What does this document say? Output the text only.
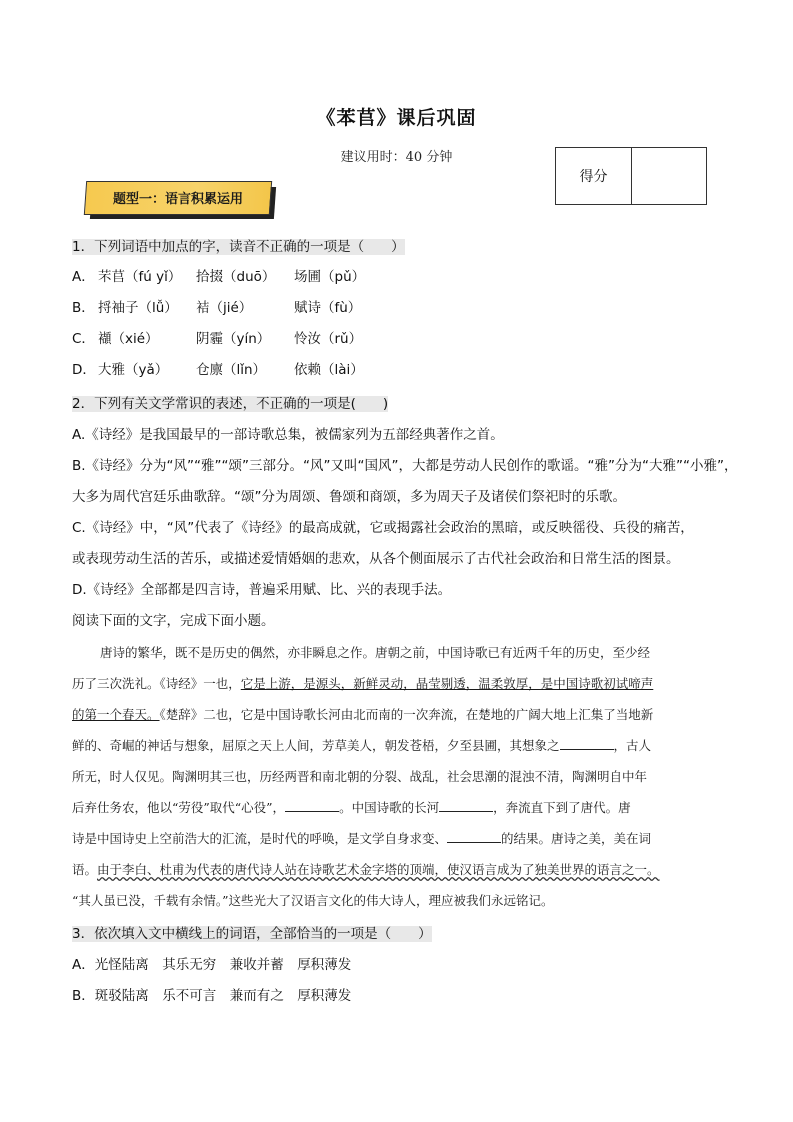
《苯苢》课后巩固
建议用时：40 分钟
得分
题型一：语言积累运用
1．下列词语中加点的字，读音不正确的一项是（　　）
A． 芣苢（fú yǐ） 拾掇（duō） 场圃（pǔ）
B． 捋袖子（lǚ） 袺（jié）	赋诗（fù）
C． 襭（xié）	阴霾（yín） 怜汝（rǔ）
D． 大雅（yǎ） 仓廪（lǐn） 依赖（lài）
2．下列有关文学常识的表述，不正确的一项是(　　)
A.《诗经》是我国最早的一部诗歌总集，被儒家列为五部经典著作之首。
B.《诗经》分为“风”“雅”“颂”三部分。“风”又叫“国风”，大都是劳动人民创作的歌谣。“雅”分为“大雅”“小雅”，
大多为周代宫廷乐曲歌辞。“颂”分为周颂、鲁颂和商颂，多为周天子及诸侯们祭祀时的乐歌。
C.《诗经》中，“风”代表了《诗经》的最高成就，它或揭露社会政治的黑暗，或反映徭役、兵役的痛苦，
或表现劳动生活的苦乐，或描述爱情婚姻的悲欢，从各个侧面展示了古代社会政治和日常生活的图景。
D.《诗经》全部都是四言诗，普遍采用赋、比、兴的表现手法。
阅读下面的文字，完成下面小题。
唐诗的繁华，既不是历史的偶然，亦非瞬息之作。唐朝之前，中国诗歌已有近两千年的历史，至少经
历了三次洗礼。《诗经》一也，它是上游，是源头，新鲜灵动，晶莹剔透，温柔敦厚，是中国诗歌初试啼声
的第一个春天。《楚辞》二也，它是中国诗歌长河由北而南的一次奔流，在楚地的广阔大地上汇集了当地新
鲜的、奇崛的神话与想象，屈原之天上人间，芳草美人，朝发苍梧，夕至县圃，其想象之	，古人
所无，时人仅见。陶渊明其三也，历经两晋和南北朝的分裂、战乱，社会思潮的混浊不清，陶渊明自中年
后弃仕务农，他以“劳役”取代“心役”，	。中国诗歌的长河	，奔流直下到了唐代。唐
诗是中国诗史上空前浩大的汇流，是时代的呼唤，是文学自身求变、	的结果。唐诗之美，美在词
语。由于李白、杜甫为代表的唐代诗人站在诗歌艺术金字塔的顶端，使汉语言成为了独美世界的语言之一。
“其人虽已没，千载有余情。”这些光大了汉语言文化的伟大诗人，理应被我们永远铭记。
3．依次填入文中横线上的词语，全部恰当的一项是（　　）
A．光怪陆离　其乐无穷　兼收并蓄　厚积薄发
B．斑驳陆离　乐不可言　兼而有之　厚积薄发
